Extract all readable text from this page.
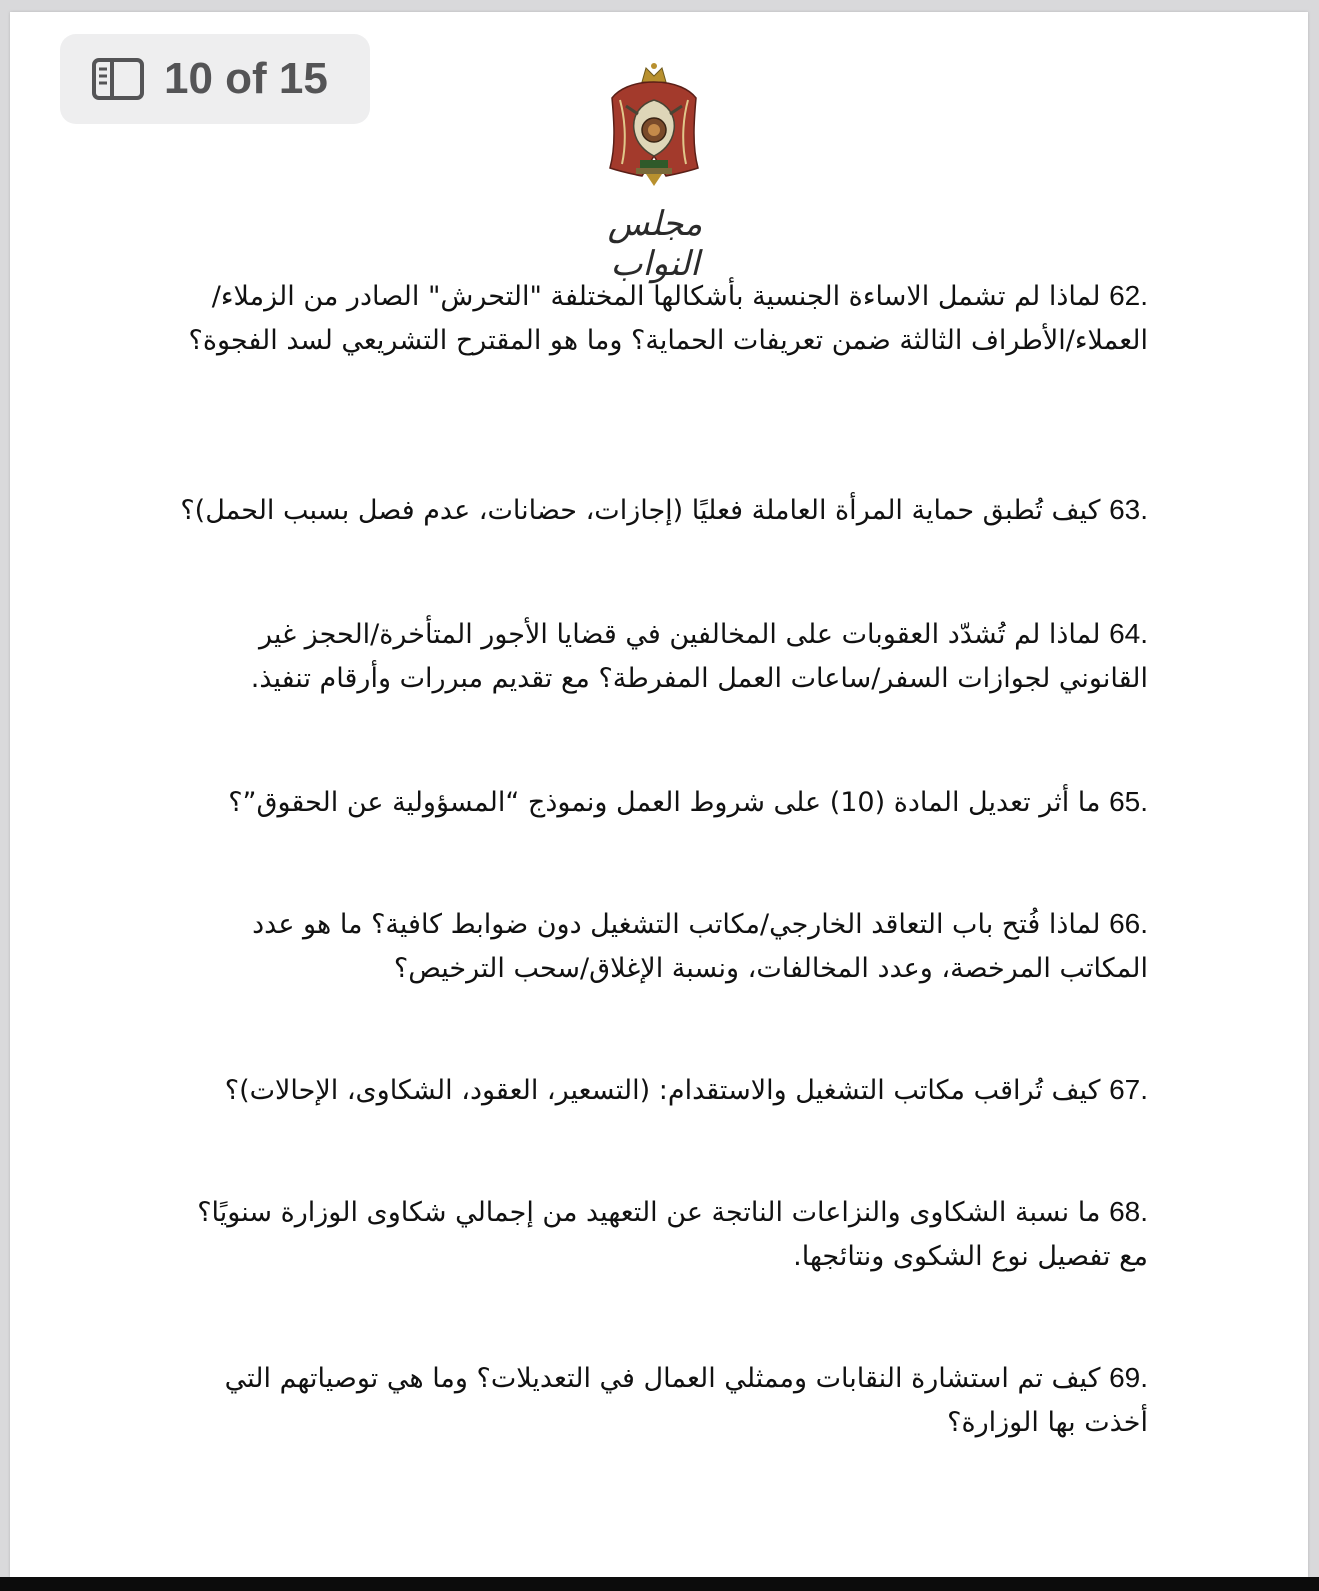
10 of 15
مجلس النواب

.62 لماذا لم تشمل الاساءة الجنسية بأشكالها المختلفة "التحرش" الصادر من الزملاء/العملاء/الأطراف الثالثة ضمن تعريفات الحماية؟ وما هو المقترح التشريعي لسد الفجوة؟

.63 كيف تُطبق حماية المرأة العاملة فعليًا (إجازات، حضانات، عدم فصل بسبب الحمل)؟

.64 لماذا لم تُشدّد العقوبات على المخالفين في قضايا الأجور المتأخرة/الحجز غير القانوني لجوازات السفر/ساعات العمل المفرطة؟ مع تقديم مبررات وأرقام تنفيذ.

.65 ما أثر تعديل المادة (10) على شروط العمل ونموذج “المسؤولية عن الحقوق”؟

.66 لماذا فُتح باب التعاقد الخارجي/مكاتب التشغيل دون ضوابط كافية؟ ما هو عدد المكاتب المرخصة، وعدد المخالفات، ونسبة الإغلاق/سحب الترخيص؟

.67 كيف تُراقب مكاتب التشغيل والاستقدام: (التسعير، العقود، الشكاوى، الإحالات)؟

.68 ما نسبة الشكاوى والنزاعات الناتجة عن التعهيد من إجمالي شكاوى الوزارة سنويًا؟ مع تفصيل نوع الشكوى ونتائجها.

.69 كيف تم استشارة النقابات وممثلي العمال في التعديلات؟ وما هي توصياتهم التي أخذت بها الوزارة؟
